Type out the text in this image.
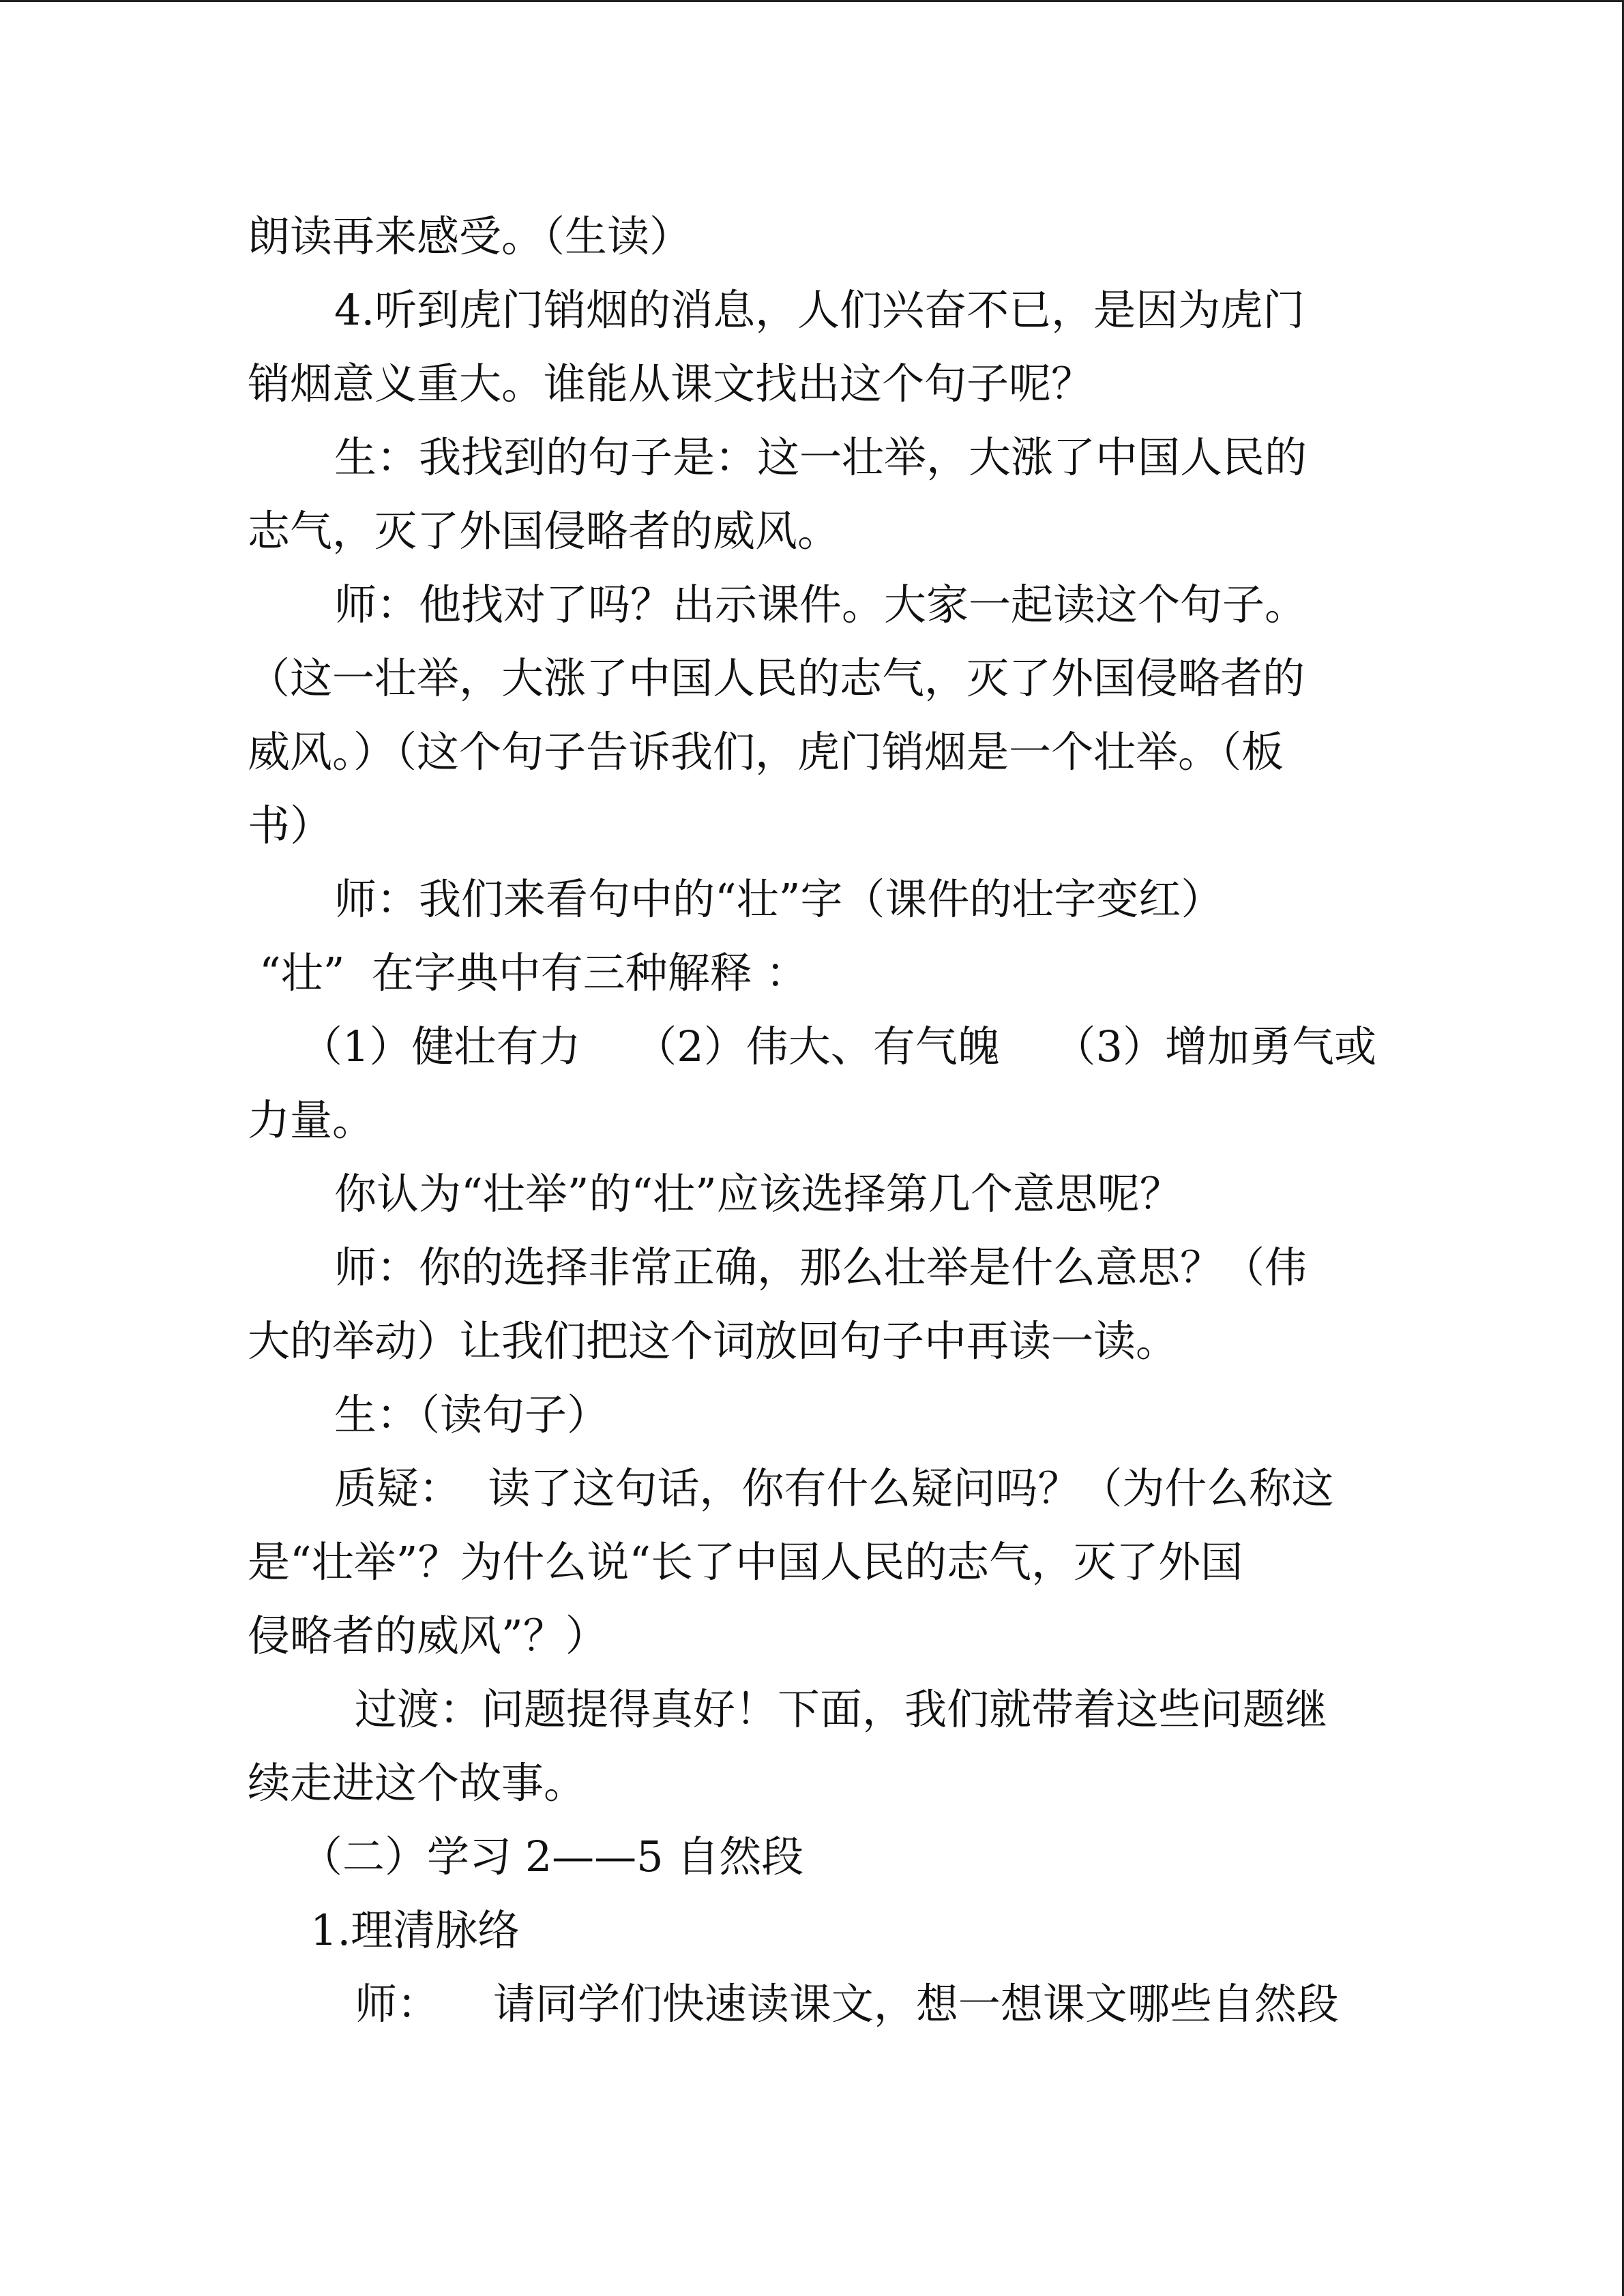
朗读再来感受。（生读）
4.听到虎门销烟的消息，人们兴奋不已，是因为虎门
销烟意义重大。谁能从课文找出这个句子呢？
生：我找到的句子是：这一壮举，大涨了中国人民的
志气，灭了外国侵略者的威风。
师：他找对了吗？出示课件。大家一起读这个句子。
（这一壮举，大涨了中国人民的志气，灭了外国侵略者的
威风。）（这个句子告诉我们，虎门销烟是一个壮举。（板
书）
师：我们来看句中的“壮”字（课件的壮字变红）
“壮”  在字典中有三种解释 ：
（1）健壮有力    （2）伟大、有气魄    （3）增加勇气或
力量。
你认为“壮举”的“壮”应该选择第几个意思呢？
师：你的选择非常正确，那么壮举是什么意思？（伟
大的举动）让我们把这个词放回句子中再读一读。
生：（读句子）
质疑：  读了这句话，你有什么疑问吗？（为什么称这
是“壮举”？为什么说“长了中国人民的志气，灭了外国
侵略者的威风”？）
过渡：问题提得真好！下面，我们就带着这些问题继
续走进这个故事。
（二）学习 2——5 自然段
1.理清脉络
师：    请同学们快速读课文，想一想课文哪些自然段
